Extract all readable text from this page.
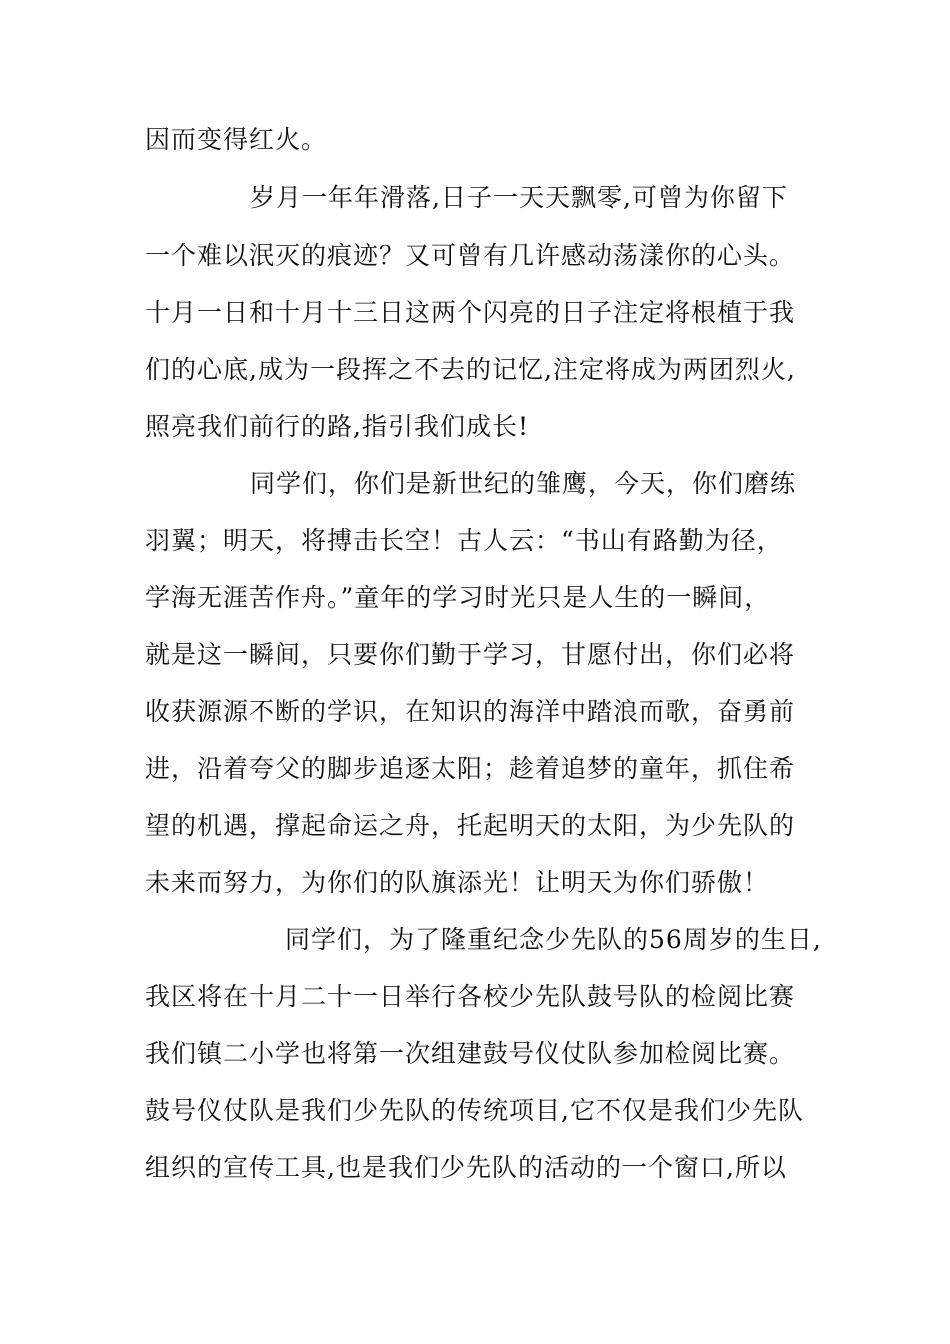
因而变得红火。
岁月一年年滑落,日子一天天飘零,可曾为你留下
一个难以泯灭的痕迹？又可曾有几许感动荡漾你的心头。
十月一日和十月十三日这两个闪亮的日子注定将根植于我
们的心底,成为一段挥之不去的记忆,注定将成为两团烈火,
照亮我们前行的路,指引我们成长!
同学们，你们是新世纪的雏鹰，今天，你们磨练
羽翼；明天，将搏击长空！古人云：“书山有路勤为径，
学海无涯苦作舟。”童年的学习时光只是人生的一瞬间，
就是这一瞬间，只要你们勤于学习，甘愿付出，你们必将
收获源源不断的学识，在知识的海洋中踏浪而歌，奋勇前
进，沿着夸父的脚步追逐太阳；趁着追梦的童年，抓住希
望的机遇，撑起命运之舟，托起明天的太阳，为少先队的
未来而努力，为你们的队旗添光！让明天为你们骄傲！
同学们，为了隆重纪念少先队的56周岁的生日,
我区将在十月二十一日举行各校少先队鼓号队的检阅比赛
我们镇二小学也将第一次组建鼓号仪仗队参加检阅比赛。
鼓号仪仗队是我们少先队的传统项目,它不仅是我们少先队
组织的宣传工具,也是我们少先队的活动的一个窗口,所以
